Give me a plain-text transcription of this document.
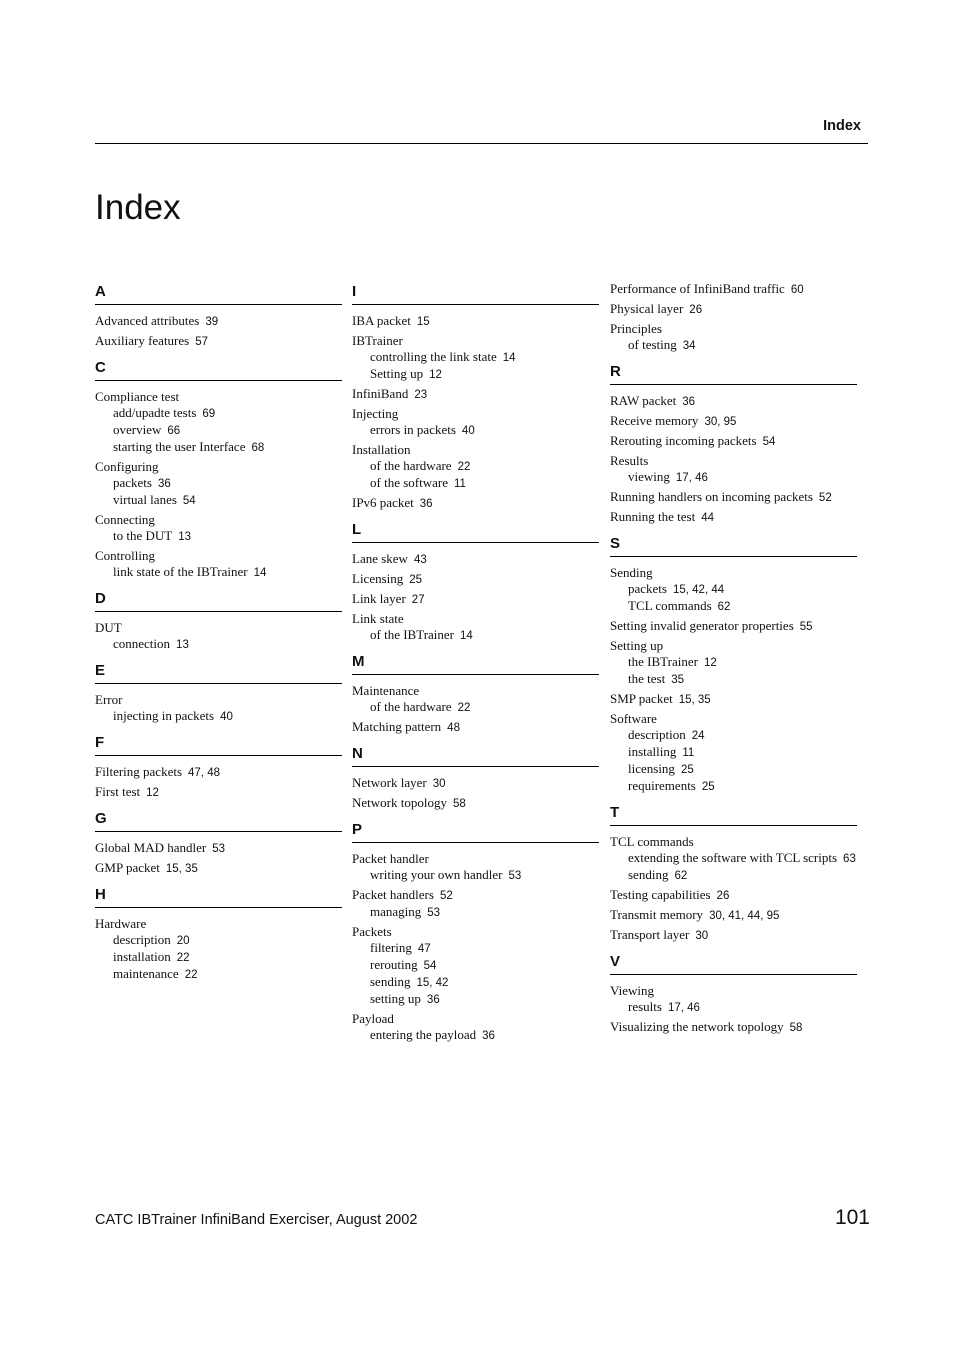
Index
Index
A
Advanced attributes 39
Auxiliary features 57
C
Compliance test
add/upadte tests 69
overview 66
starting the user Interface 68
Configuring
packets 36
virtual lanes 54
Connecting
to the DUT 13
Controlling
link state of the IBTrainer 14
D
DUT
connection 13
E
Error
injecting in packets 40
F
Filtering packets 47, 48
First test 12
G
Global MAD handler 53
GMP packet 15, 35
H
Hardware
description 20
installation 22
maintenance 22
I
IBA packet 15
IBTrainer
controlling the link state 14
Setting up 12
InfiniBand 23
Injecting
errors in packets 40
Installation
of the hardware 22
of the software 11
IPv6 packet 36
L
Lane skew 43
Licensing 25
Link layer 27
Link state
of the IBTrainer 14
M
Maintenance
of the hardware 22
Matching pattern 48
N
Network layer 30
Network topology 58
P
Packet handler
writing your own handler 53
Packet handlers 52
managing 53
Packets
filtering 47
rerouting 54
sending 15, 42
setting up 36
Payload
entering the payload 36
Performance of InfiniBand traffic 60
Physical layer 26
Principles
of testing 34
R
RAW packet 36
Receive memory 30, 95
Rerouting incoming packets 54
Results
viewing 17, 46
Running handlers on incoming packets 52
Running the test 44
S
Sending
packets 15, 42, 44
TCL commands 62
Setting invalid generator properties 55
Setting up
the IBTrainer 12
the test 35
SMP packet 15, 35
Software
description 24
installing 11
licensing 25
requirements 25
T
TCL commands
extending the software with TCL scripts 63
sending 62
Testing capabilities 26
Transmit memory 30, 41, 44, 95
Transport layer 30
V
Viewing
results 17, 46
Visualizing the network topology 58
CATC IBTrainer InfiniBand Exerciser, August 2002	101
